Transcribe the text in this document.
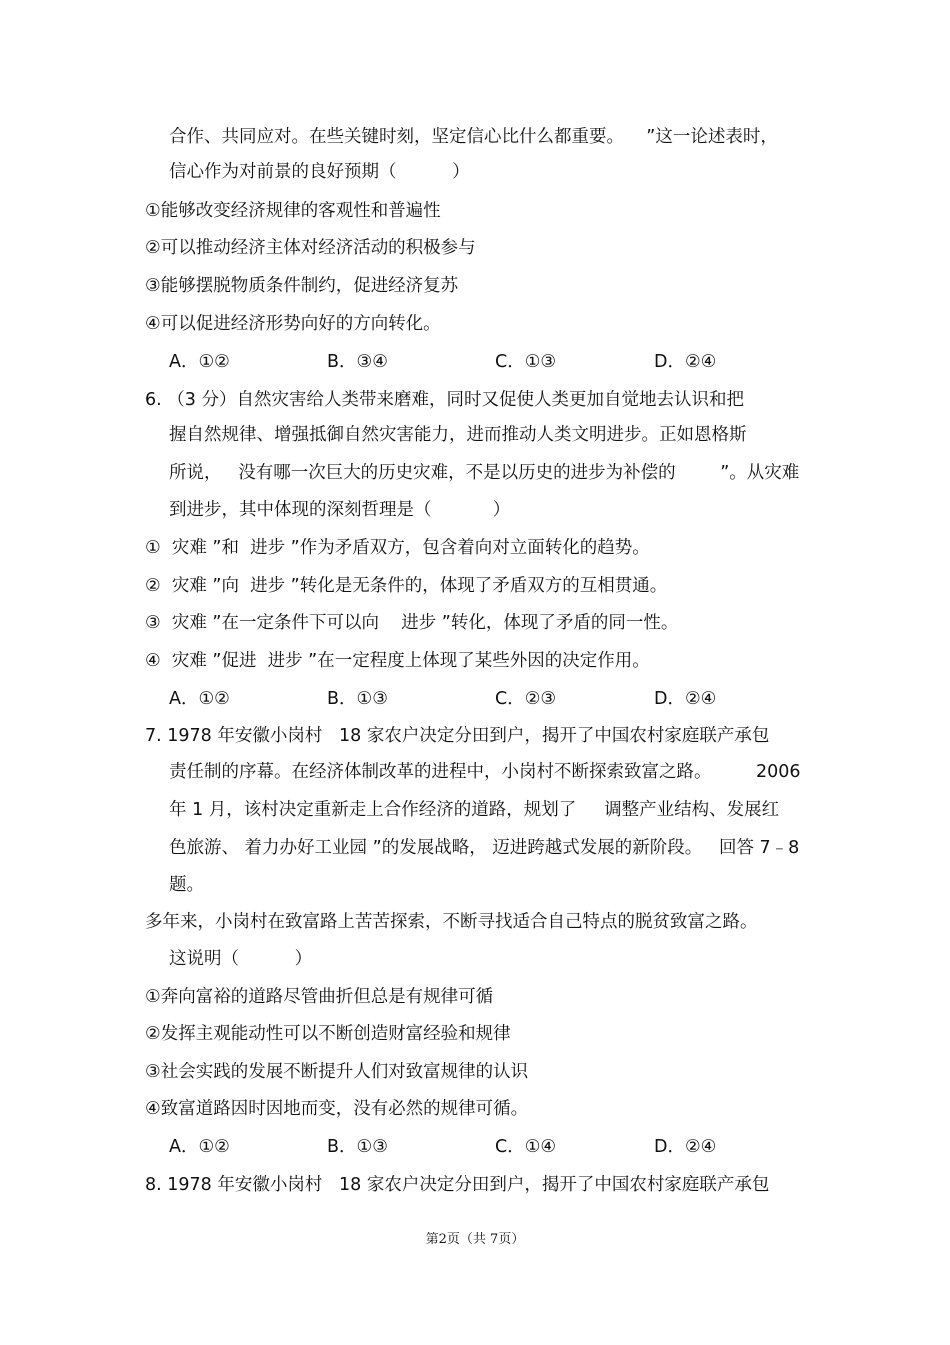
合作、共同应对。在些关键时刻，坚定信心比什么都重要。    ”这一论述表时，
信心作为对前景的良好预期（          ）
①能够改变经济规律的客观性和普遍性
②可以推动经济主体对经济活动的积极参与
③能够摆脱物质条件制约，促进经济复苏
④可以促进经济形势向好的方向转化。

A．①②

	B．③④

	C．①③

	D．②④

6. （3 分）自然灾害给人类带来磨难，同时又促使人类更加自觉地去认识和把
握自然规律、增强抵御自然灾害能力，进而推动人类文明进步。正如恩格斯
所说，   没有哪一次巨大的历史灾难，不是以历史的进步为补偿的        ”。从灾难
到进步，其中体现的深刻哲理是（           ）
①  灾难 ”和  进步 ”作为矛盾双方，包含着向对立面转化的趋势。
②  灾难 ”向  进步 ”转化是无条件的，体现了矛盾双方的互相贯通。
③  灾难 ”在一定条件下可以向    进步 ”转化，体现了矛盾的同一性。
④  灾难 ”促进  进步 ”在一定程度上体现了某些外因的决定作用。

A．①②

	B．①③

	C．②③

	D．②④

7. 1978 年安徽小岗村   18 家农户决定分田到户，揭开了中国农村家庭联产承包
责任制的序幕。在经济体制改革的进程中，小岗村不断探索致富之路。        2006
年 1 月，该村决定重新走上合作经济的道路，规划了     调整产业结构、发展红
色旅游、 着力办好工业园 ”的发展战略， 迈进跨越式发展的新阶段。   回答 7﹣8
题。
多年来，小岗村在致富路上苦苦探索，不断寻找适合自己特点的脱贫致富之路。
这说明（          ）
①奔向富裕的道路尽管曲折但总是有规律可循
②发挥主观能动性可以不断创造财富经验和规律
③社会实践的发展不断提升人们对致富规律的认识
④致富道路因时因地而变，没有必然的规律可循。

A．①②

	B．①③

	C．①④

	D．②④

8. 1978 年安徽小岗村   18 家农户决定分田到户，揭开了中国农村家庭联产承包
第2页（共 7页）
